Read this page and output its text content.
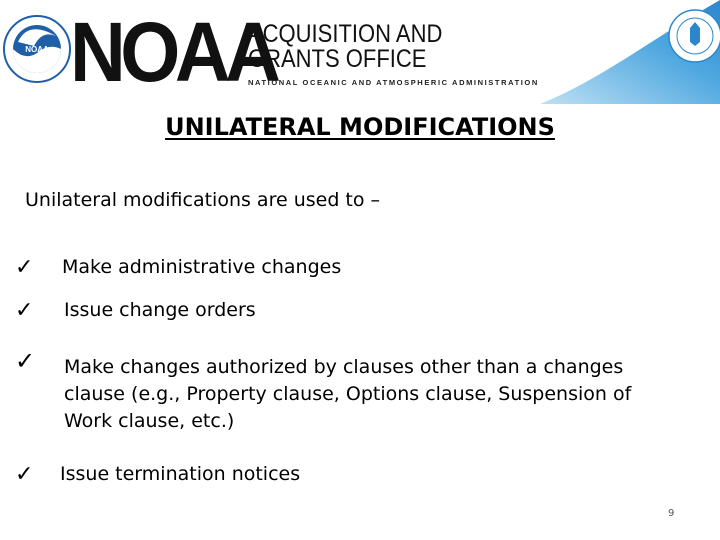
NOAA NOAA
ACQUISITION AND
GRANTS OFFICE
NATIONAL OCEANIC AND ATMOSPHERIC ADMINISTRATION
UNILATERAL MODIFICATIONS
Unilateral modifications are used to –
✓ Make administrative changes
✓ Issue change orders
✓ Make changes authorized by clauses other than a changes clause (e.g., Property clause, Options clause, Suspension of Work clause, etc.)
✓ Issue termination notices
9
